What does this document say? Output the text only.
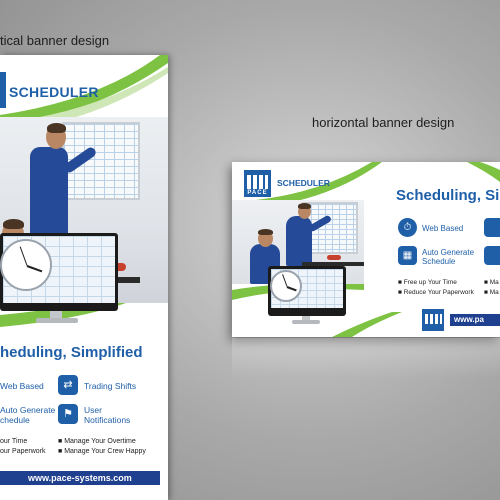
tical banner design
horizontal banner design
SCHEDULER
heduling, Simplified
Web Based	⇄	Trading Shifts
Auto Generate
chedule	⚑	User
Notifications
our Time
our Paperwork
■ Manage Your Overtime
■ Manage Your Crew Happy
www.pace-systems.com
PACE
SCHEDULER
Scheduling, Si
⏱	Web Based
▦	Auto Generate
Schedule
■ Free up Your Time
■ Reduce Your Paperwork
■ Ma
■ Ma
www.pa
